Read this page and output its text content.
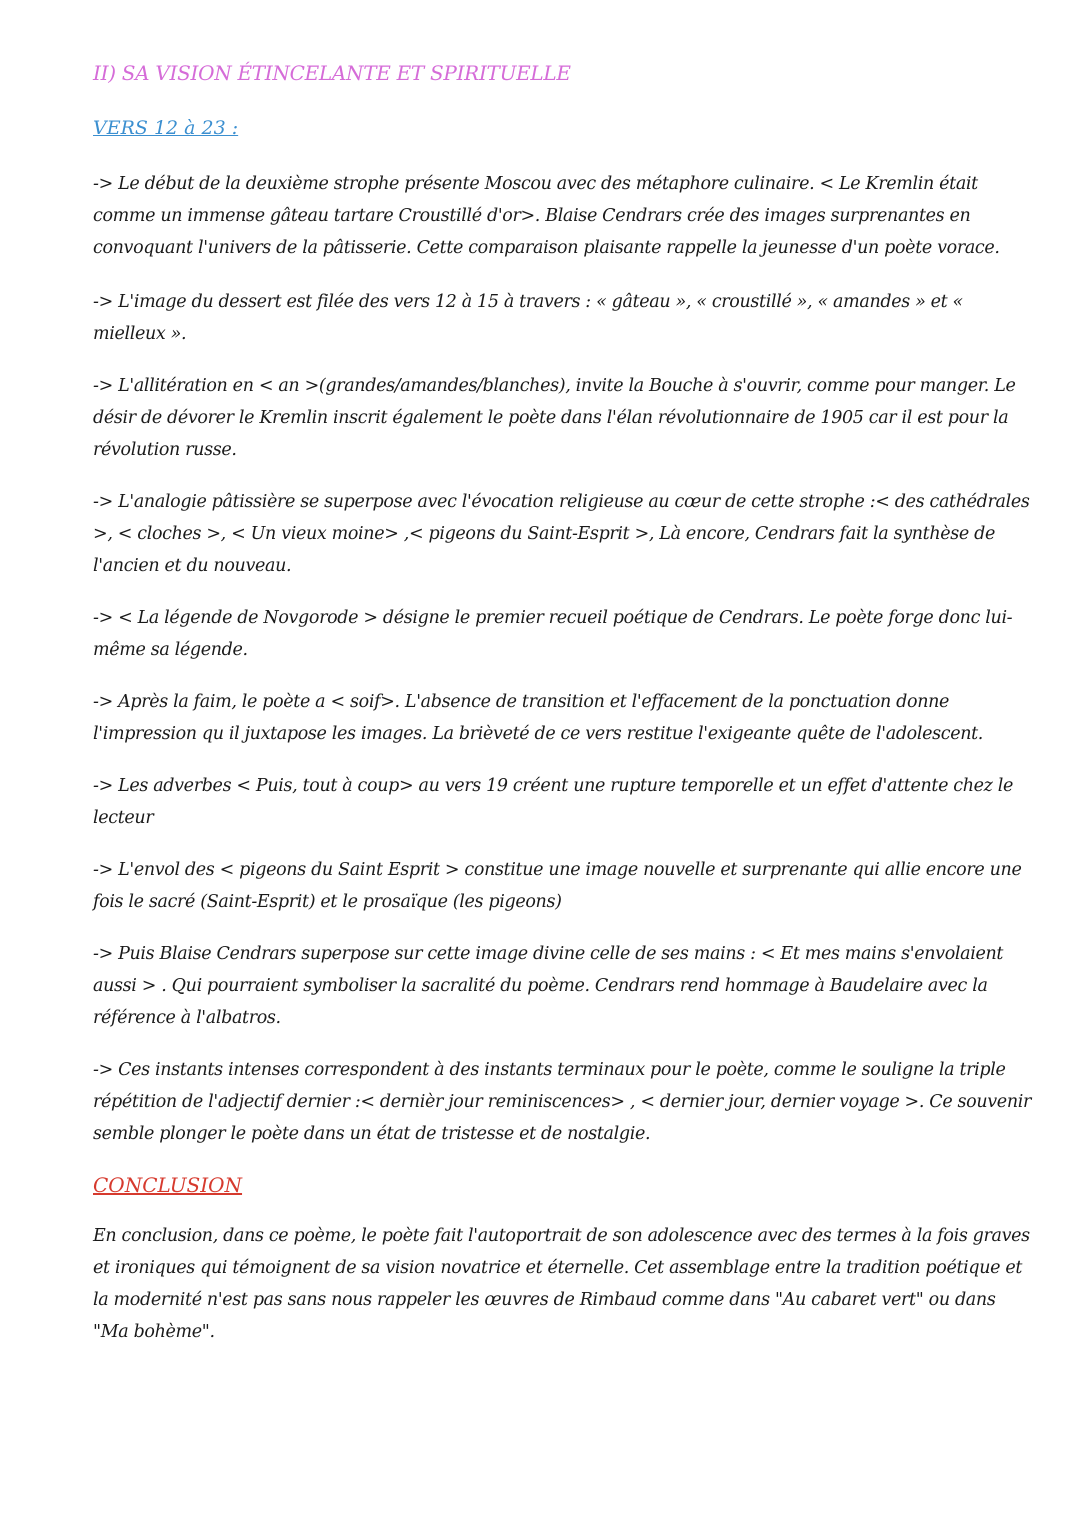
II) SA VISION ÉTINCELANTE ET SPIRITUELLE
VERS 12 à 23 :

-> Le début de la deuxième strophe présente Moscou avec des métaphore culinaire. < Le Kremlin était comme un immense gâteau tartare Croustillé d'or>. Blaise Cendrars crée des images surprenantes en convoquant l'univers de la pâtisserie. Cette comparaison plaisante rappelle la jeunesse d'un poète vorace.

-> L'image du dessert est filée des vers 12 à 15 à travers : « gâteau », « croustillé », « amandes » et « mielleux ».

-> L'allitération en < an >(grandes/amandes/blanches), invite la Bouche à s'ouvrir, comme pour manger. Le désir de dévorer le Kremlin inscrit également le poète dans l'élan révolutionnaire de 1905 car il est pour la révolution russe.

-> L'analogie pâtissière se superpose avec l'évocation religieuse au cœur de cette strophe :< des cathédrales >, < cloches >, < Un vieux moine> ,< pigeons du Saint-Esprit >, Là encore, Cendrars fait la synthèse de l'ancien et du nouveau.

-> < La légende de Novgorode > désigne le premier recueil poétique de Cendrars. Le poète forge donc lui-même sa légende.

-> Après la faim, le poète a < soif>. L'absence de transition et l'effacement de la ponctuation donne l'impression qu il juxtapose les images. La brièveté de ce vers restitue l'exigeante quête de l'adolescent.

-> Les adverbes < Puis, tout à coup> au vers 19 créent une rupture temporelle et un effet d'attente chez le lecteur

-> L'envol des < pigeons du Saint Esprit > constitue une image nouvelle et surprenante qui allie encore une fois le sacré (Saint-Esprit) et le prosaïque (les pigeons)

-> Puis Blaise Cendrars superpose sur cette image divine celle de ses mains : < Et mes mains s'envolaient aussi > . Qui pourraient symboliser la sacralité du poème. Cendrars rend hommage à Baudelaire avec la référence à l'albatros.

-> Ces instants intenses correspondent à des instants terminaux pour le poète, comme le souligne la triple répétition de l'adjectif dernier :< dernièr jour reminiscences> , < dernier jour, dernier voyage >. Ce souvenir semble plonger le poète dans un état de tristesse et de nostalgie.

CONCLUSION

En conclusion, dans ce poème, le poète fait l'autoportrait de son adolescence avec des termes à la fois graves et ironiques qui témoignent de sa vision novatrice et éternelle. Cet assemblage entre la tradition poétique et la modernité n'est pas sans nous rappeler les œuvres de Rimbaud comme dans "Au cabaret vert" ou dans "Ma bohème".
